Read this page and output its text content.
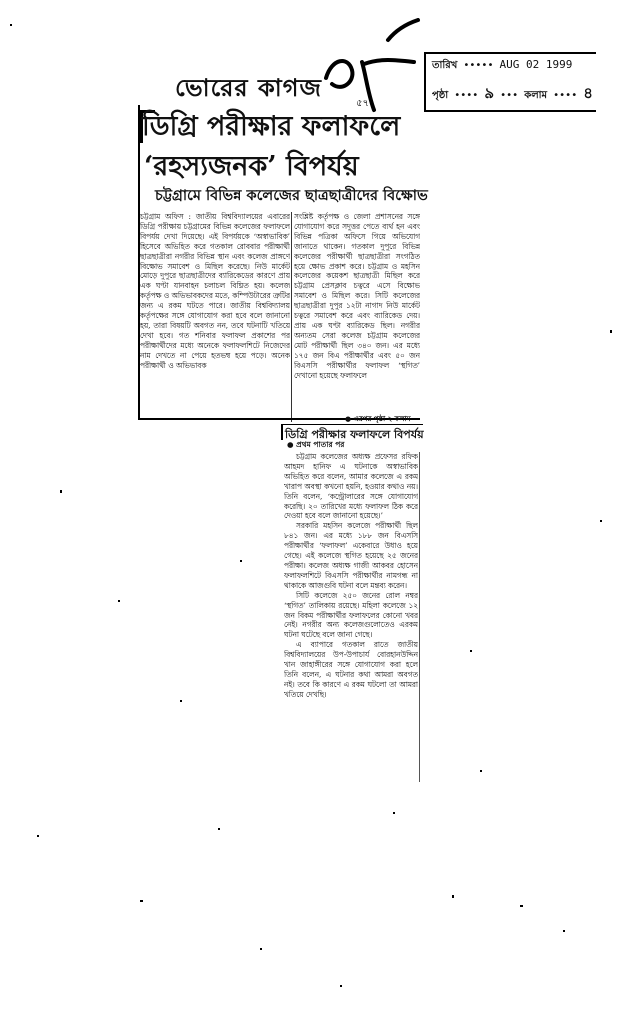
ভোরের কাগজ
৫৭
তারিখ ••••• AUG 02 1999
পৃষ্ঠা •••• ৯ ••• কলাম •••• ৪
ডিগ্রি পরীক্ষার ফলাফলে
‘রহস্যজনক’ বিপর্যয়
চট্টগ্রামে বিভিন্ন কলেজের ছাত্রছাত্রীদের বিক্ষোভ
চট্টগ্রাম অফিস : জাতীয় বিশ্ববিদ্যালয়ের এবারের ডিগ্রি পরীক্ষায় চট্টগ্রামের বিভিন্ন কলেজের ফলাফলে বিপর্যয় দেখা দিয়েছে। এই বিপর্যয়কে ‘অস্বাভাবিক’ হিসেবে অভিহিত করে গতকাল রোববার পরীক্ষার্থী ছাত্রছাত্রীরা নগরীর বিভিন্ন স্থান এবং কলেজ প্রাঙ্গণে বিক্ষোভ সমাবেশ ও মিছিল করেছে। নিউ মার্কেট মোড়ে দুপুরে ছাত্রছাত্রীদের ব্যারিকেডের কারণে প্রায় এক ঘণ্টা যানবাহন চলাচল বিঘ্নিত হয়। কলেজ কর্তৃপক্ষ ও অভিভাবকদের মতে, কম্পিউটারের ত্রুটির জন্য এ রকম ঘটতে পারে। জাতীয় বিশ্ববিদ্যালয় কর্তৃপক্ষের সঙ্গে যোগাযোগ করা হবে বলে জানানো হয়, তারা বিষয়টি অবগত নন, তবে ঘটনাটি খতিয়ে দেখা হবে। গত শনিবার ফলাফল প্রকাশের পর পরীক্ষার্থীদের মধ্যে অনেকে ফলাফলশিটে নিজেদের নাম দেখতে না পেয়ে হতভম্ব হয়ে পড়ে। অনেক পরীক্ষার্থী ও অভিভাবক
সংশ্লিষ্ট কর্তৃপক্ষ ও জেলা প্রশাসনের সঙ্গে যোগাযোগ করে সদুত্তর পেতে ব্যর্থ হন এবং বিভিন্ন পত্রিকা অফিসে গিয়ে অভিযোগ জানাতে থাকেন। গতকাল দুপুরে বিভিন্ন কলেজের পরীক্ষার্থী ছাত্রছাত্রীরা সংগঠিত হয়ে ক্ষোভ প্রকাশ করে। চট্টগ্রাম ও মহসিন কলেজের কয়েকশ ছাত্রছাত্রী মিছিল করে চট্টগ্রাম প্রেসক্লাব চত্বরে এসে বিক্ষোভ সমাবেশ ও মিছিল করে। সিটি কলেজের ছাত্রছাত্রীরা দুপুর ১২টা নাগাদ নিউ মার্কেট চত্বরে সমাবেশ করে এবং ব্যারিকেড দেয়। প্রায় এক ঘণ্টা ব্যারিকেড ছিল। নগরীর অন্যতম সেরা কলেজ চট্টগ্রাম কলেজের মোট পরীক্ষার্থী ছিল ৩৪০ জন। এর মধ্যে ১৭৫ জন বিএ পরীক্ষার্থীর এবং ৫০ জন বিএসসি পরীক্ষার্থীর ফলাফল ‘স্থগিত’ দেখানো হয়েছে ফলাফলে
● এরপর পৃষ্ঠা ২ কলাম
ডিগ্রি পরীক্ষার ফলাফলে বিপর্যয়
● প্রথম পাতার পর

চট্টগ্রাম কলেজের অধ্যক্ষ প্রফেসর রফিক আহমদ হানিফ এ ঘটনাকে অস্বাভাবিক অভিহিত করে বলেন, আমার কলেজে এ রকম খারাপ অবস্থা কখনো হয়নি, হওয়ার কথাও নয়। তিনি বলেন, ‘কন্ট্রোলারের সঙ্গে যোগাযোগ করেছি। ২০ তারিখের মধ্যে ফলাফল ঠিক করে দেওয়া হবে বলে জানানো হয়েছে।’

সরকারি মহসিন কলেজে পরীক্ষার্থী ছিল ৮৪১ জন। এর মধ্যে ১৮৮ জন বিএসসি পরীক্ষার্থীর ‘ফলাফল’ একেবারে উধাও হয়ে গেছে। এই কলেজে স্থগিত হয়েছে ২৫ জনের পরীক্ষা। কলেজ অধ্যক্ষ গাজী আকবর হোসেন ফলাফলশিটে বিএসসি পরীক্ষার্থীর নামগন্ধ না থাকাকে আজগুবি ঘটনা বলে মন্তব্য করেন।

সিটি কলেজে ২৫০ জনের রোল নম্বর ‘স্থগিত’ তালিকায় রয়েছে। মহিলা কলেজে ১২ জন বিকম পরীক্ষার্থীর ফলাফলের কোনো খবর নেই। নগরীর অন্য কলেজগুলোতেও এরকম ঘটনা ঘটেছে বলে জানা গেছে।

এ ব্যাপারে গতকাল রাতে জাতীয় বিশ্ববিদ্যালয়ের উপ-উপাচার্য বোরহানউদ্দিন খান জাহাঙ্গীরের সঙ্গে যোগাযোগ করা হলে তিনি বলেন, এ ঘটনার কথা আমরা অবগত নই। তবে কি কারণে এ রকম ঘটলো তা আমরা খতিয়ে দেখছি।
